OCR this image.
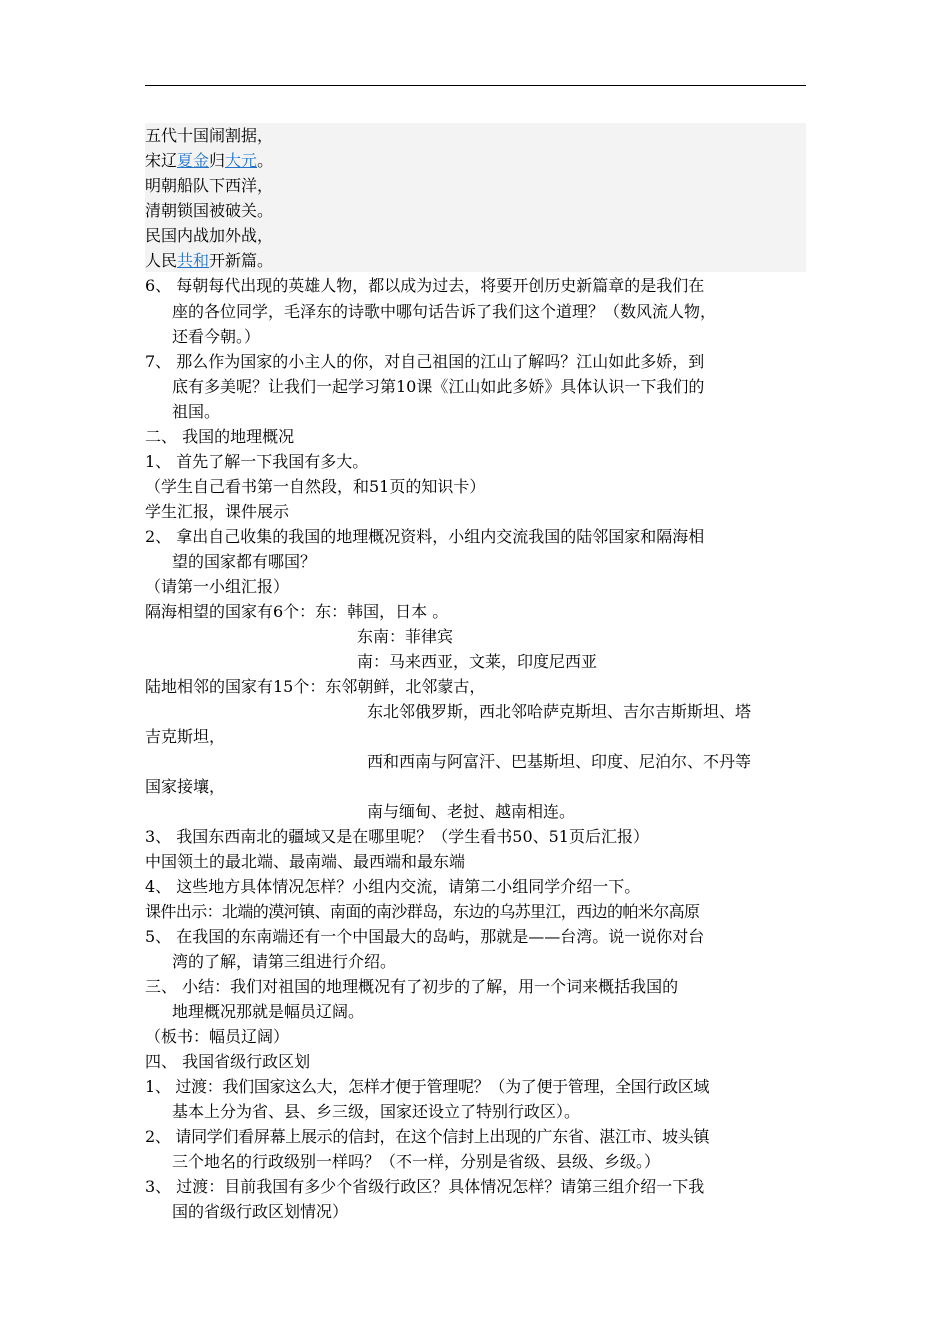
五代十国闹割据，

宋辽夏金归大元。

明朝船队下西洋，

清朝锁国被破关。

民国内战加外战，

人民共和开新篇。

6、 每朝每代出现的英雄人物，都以成为过去，将要开创历史新篇章的是我们在

座的各位同学，毛泽东的诗歌中哪句话告诉了我们这个道理？（数风流人物，

还看今朝。）

7、 那么作为国家的小主人的你，对自己祖国的江山了解吗？江山如此多娇，到

底有多美呢？让我们一起学习第10课《江山如此多娇》具体认识一下我们的

祖国。

二、 我国的地理概况

1、 首先了解一下我国有多大。

（学生自己看书第一自然段，和51页的知识卡）

学生汇报，课件展示

2、 拿出自己收集的我国的地理概况资料，小组内交流我国的陆邻国家和隔海相

望的国家都有哪国？

（请第一小组汇报）

隔海相望的国家有6个：东：韩国，日本 。

东南：菲律宾

南：马来西亚，文莱，印度尼西亚

陆地相邻的国家有15个：东邻朝鲜，北邻蒙古，

东北邻俄罗斯，西北邻哈萨克斯坦、吉尔吉斯斯坦、塔

吉克斯坦，

西和西南与阿富汗、巴基斯坦、印度、尼泊尔、不丹等

国家接壤，

南与缅甸、老挝、越南相连。

3、 我国东西南北的疆域又是在哪里呢？（学生看书50、51页后汇报）

中国领土的最北端、最南端、最西端和最东端

4、 这些地方具体情况怎样？小组内交流，请第二小组同学介绍一下。

课件出示：北端的漠河镇、南面的南沙群岛，东边的乌苏里江，西边的帕米尔高原

5、 在我国的东南端还有一个中国最大的岛屿，那就是——台湾。说一说你对台

湾的了解，请第三组进行介绍。

三、 小结：我们对祖国的地理概况有了初步的了解，用一个词来概括我国的

地理概况那就是幅员辽阔。

（板书：幅员辽阔）

四、 我国省级行政区划

1、 过渡：我们国家这么大，怎样才便于管理呢？（为了便于管理，全国行政区域

基本上分为省、县、乡三级，国家还设立了特别行政区）。

2、 请同学们看屏幕上展示的信封，在这个信封上出现的广东省、湛江市、坡头镇

三个地名的行政级别一样吗？（不一样，分别是省级、县级、乡级。）

3、 过渡：目前我国有多少个省级行政区？具体情况怎样？请第三组介绍一下我

国的省级行政区划情况）
